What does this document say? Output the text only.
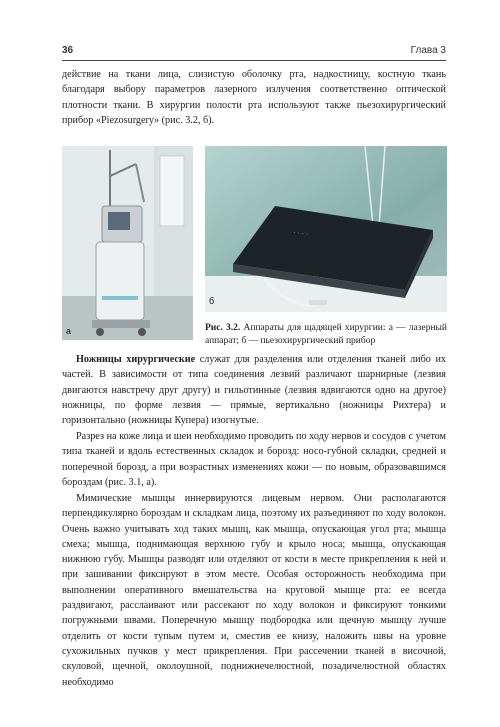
36	Глава 3

действие на ткани лица, слизистую оболочку рта, надкостницу, костную ткань благодаря выбору параметров лазерного излучения соответственно оптической плотности ткани. В хирургии полости рта используют также пьезохирургический прибор «Piezosurgery» (рис. 3.2, б).

а
· · · ·
б
Рис. 3.2. Аппараты для щадящей хирургии: а — лазерный аппарат; б — пьезохирургический прибор

Ножницы хирургические служат для разделения или отделения тканей либо их частей. В зависимости от типа соединения лезвий различают шарнирные (лезвия двигаются навстречу друг другу) и гильотинные (лезвия вдвигаются одно на другое) ножницы, по форме лезвия — прямые, вертикально (ножницы Рихтера) и горизонтально (ножницы Купера) изогнутые.

Разрез на коже лица и шеи необходимо проводить по ходу нервов и сосудов с учетом типа тканей и вдоль естественных складок и борозд: носо-губной складки, средней и поперечной борозд, а при возрастных изменениях кожи — по новым, образовавшимся бороздам (рис. 3.1, а).

Мимические мышцы иннервируются лицевым нервом. Они располагаются перпендикулярно бороздам и складкам лица, поэтому их разъединяют по ходу волокон. Очень важно учитывать ход таких мышц, как мышца, опускающая угол рта; мышца смеха; мышца, поднимающая верхнюю губу и крыло носа; мышца, опускающая нижнюю губу. Мышцы разводят или отделяют от кости в месте прикрепления к ней и при зашивании фиксируют в этом месте. Особая осторожность необходима при выполнении оперативного вмешательства на круговой мышце рта: ее всегда раздвигают, расслаивают или рассекают по ходу волокон и фиксируют тонкими погружными швами. Поперечную мышцу подбородка или щечную мышцу лучше отделить от кости тупым путем и, сместив ее книзу, наложить швы на уровне сухожильных пучков у мест прикрепления. При рассечении тканей в височной, скуловой, щечной, околоушной, поднижнечелюстной, позадичелюстной областях необходимо
